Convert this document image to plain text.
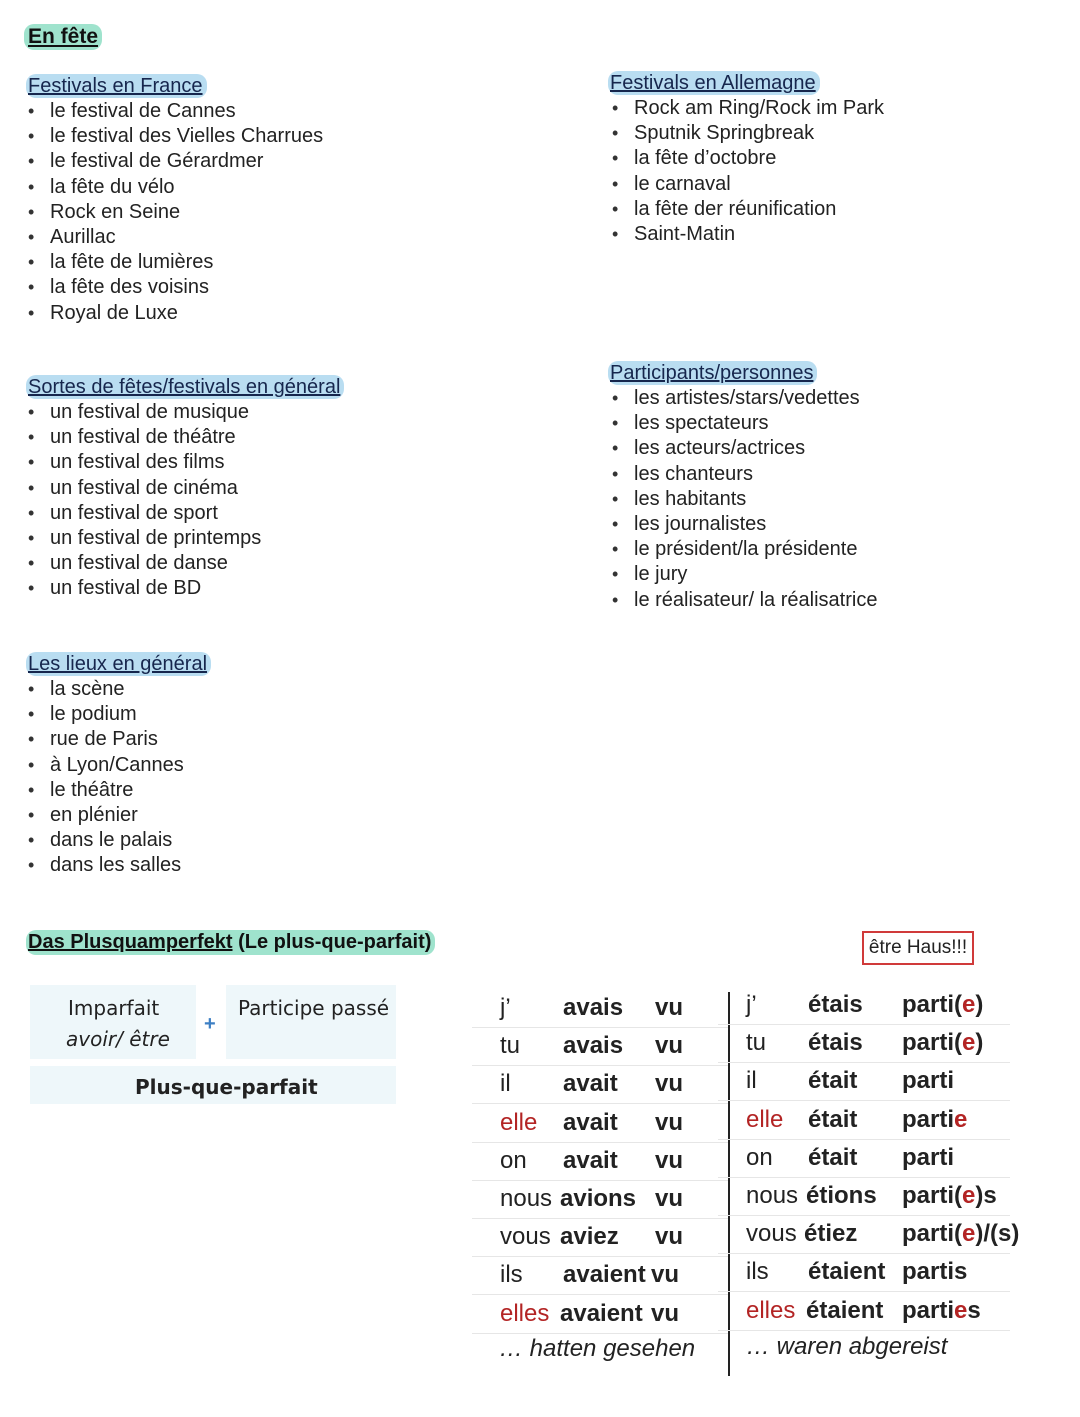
En fête
Festivals en France
• le festival de Cannes
• le festival des Vielles Charrues
• le festival de Gérardmer
• la fête du vélo
• Rock en Seine
• Aurillac
• la fête de lumières
• la fête des voisins
• Royal de Luxe
Festivals en Allemagne
• Rock am Ring/Rock im Park
• Sputnik Springbreak
• la fête d’octobre
• le carnaval
• la fête der réunification
• Saint-Matin
Sortes de fêtes/festivals en général
• un festival de musique
• un festival de théâtre
• un festival des films
• un festival de cinéma
• un festival de sport
• un festival de printemps
• un festival de danse
• un festival de BD
Participants/personnes
• les artistes/stars/vedettes
• les spectateurs
• les acteurs/actrices
• les chanteurs
• les habitants
• les journalistes
• le président/la présidente
• le jury
• le réalisateur/ la réalisatrice
Les lieux en général
• la scène
• le podium
• rue de Paris
• à Lyon/Cannes
• le théâtre
• en plénier
• dans le palais
• dans les salles
Das Plusquamperfekt (Le plus-que-parfait)	être Haus!!!
Imparfait
avoir/ être
+
Participe passé
Plus-que-parfait
j’ avais vu
tu avais vu
il avait vu
elle avait vu
on avait vu
nous avions vu
vous aviez vu
ils avaient vu
elles avaient vu
j’ étais parti(e)
tu étais parti(e)
il était parti
elle était partie
on était parti
nous étions parti(e)s
vous étiez parti(e)/(s)
ils étaient partis
elles étaient parties
… hatten gesehen … waren abgereist
